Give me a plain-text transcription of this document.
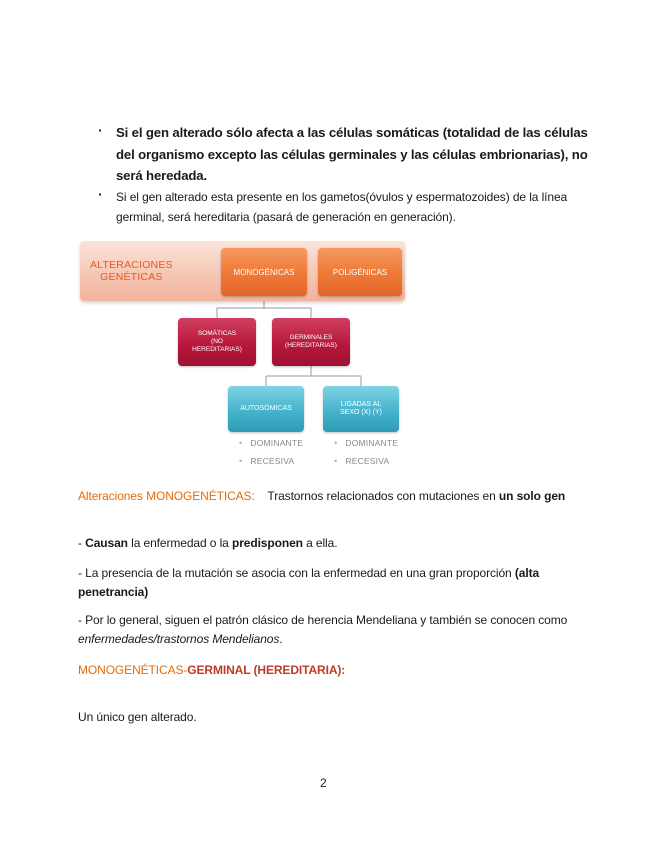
▪ Si el gen alterado sólo afecta a las células somáticas (totalidad de las células del organismo excepto las células germinales y las células embrionarias), no será heredada.
▪ Si el gen alterado esta presente en los gametos(óvulos y espermatozoides) de la línea germinal, será hereditaria (pasará de generación en generación).
ALTERACIONES
GENÉTICAS	MONOGÉNICAS	POLIGÉNICAS
SOMÁTICAS
(NO
HEREDITARIAS)
GERMINALES
(HEREDITARIAS)
AUTOSÓMICAS
LIGADAS AL
SEXO (X) (Y)
• DOMINANTE
• RECESIVA
• DOMINANTE
• RECESIVA
Alteraciones MONOGENÉTICAS: Trastornos relacionados con mutaciones en un solo gen
- Causan la enfermedad o la predisponen a ella.
- La presencia de la mutación se asocia con la enfermedad en una gran proporción (alta penetrancia)
- Por lo general, siguen el patrón clásico de herencia Mendeliana y también se conocen como enfermedades/trastornos Mendelianos.
MONOGENÉTICAS-GERMINAL (HEREDITARIA):
Un único gen alterado.
2
